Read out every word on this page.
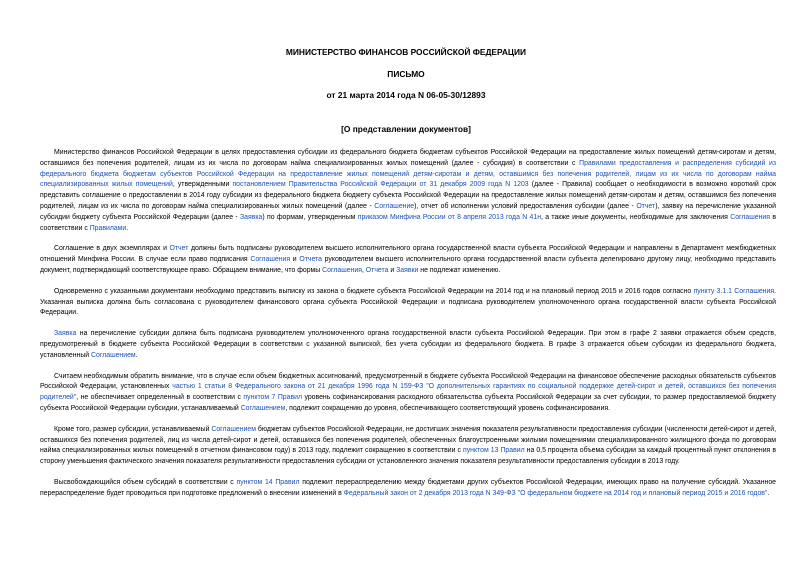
МИНИСТЕРСТВО ФИНАНСОВ РОССИЙСКОЙ ФЕДЕРАЦИИ
ПИСЬМО
от 21 марта 2014 года N 06-05-30/12893
[О представлении документов]

Министерство финансов Российской Федерации в целях предоставления субсидии из федерального бюджета бюджетам субъектов Российской Федерации на предоставление жилых помещений детям-сиротам и детям, оставшимся без попечения родителей, лицам из их числа по договорам найма специализированных жилых помещений (далее - субсидия) в соответствии с Правилами предоставления и распределения субсидий из федерального бюджета бюджетам субъектов Российской Федерации на предоставление жилых помещений детям-сиротам и детям, оставшимся без попечения родителей, лицам из их числа по договорам найма специализированных жилых помещений, утвержденными постановлением Правительства Российской Федерации от 31 декабря 2009 года N 1203 (далее - Правила) сообщает о необходимости в возможно короткий срок представить соглашение о предоставлении в 2014 году субсидии из федерального бюджета бюджету субъекта Российской Федерации на предоставление жилых помещений детям-сиротам и детям, оставшимся без попечения родителей, лицам из их числа по договорам найма специализированных жилых помещений (далее - Соглашение), отчет об исполнении условий предоставления субсидии (далее - Отчет), заявку на перечисление указанной субсидии бюджету субъекта Российской Федерации (далее - Заявка) по формам, утвержденным приказом Минфина России от 8 апреля 2013 года N 41н, а также иные документы, необходимые для заключения Соглашения в соответствии с Правилами.

Соглашение в двух экземплярах и Отчет должны быть подписаны руководителем высшего исполнительного органа государственной власти субъекта Российской Федерации и направлены в Департамент межбюджетных отношений Минфина России. В случае если право подписания Соглашения и Отчета руководителем высшего исполнительного органа государственной власти субъекта делегировано другому лицу, необходимо представить документ, подтверждающий соответствующее право. Обращаем внимание, что формы Соглашения, Отчета и Заявки не подлежат изменению.

Одновременно с указанными документами необходимо представить выписку из закона о бюджете субъекта Российской Федерации на 2014 год и на плановый период 2015 и 2016 годов согласно пункту 3.1.1 Соглашения. Указанная выписка должна быть согласована с руководителем финансового органа субъекта Российской Федерации и подписана руководителем уполномоченного органа государственной власти субъекта Российской Федерации.

Заявка на перечисление субсидии должна быть подписана руководителем уполномоченного органа государственной власти субъекта Российской Федерации. При этом в графе 2 заявки отражается объем средств, предусмотренный в бюджете субъекта Российской Федерации в соответствии с указанной выпиской, без учета субсидии из федерального бюджета. В графе 3 отражается объем субсидии из федерального бюджета, установленный Соглашением.

Считаем необходимым обратить внимание, что в случае если объем бюджетных ассигнований, предусмотренный в бюджете субъекта Российской Федерации на финансовое обеспечение расходных обязательств субъектов Российской Федерации, установленных частью 1 статьи 8 Федерального закона от 21 декабря 1996 года N 159-ФЗ "О дополнительных гарантиях по социальной поддержке детей-сирот и детей, оставшихся без попечения родителей", не обеспечивает определенный в соответствии с пунктом 7 Правил уровень софинансирования расходного обязательства субъекта Российской Федерации за счет субсидии, то размер предоставляемой бюджету субъекта Российской Федерации субсидии, устанавливаемый Соглашением, подлежит сокращению до уровня, обеспечивающего соответствующий уровень софинансирования.

Кроме того, размер субсидии, устанавливаемый Соглашением бюджетам субъектов Российской Федерации, не достигших значения показателя результативности предоставления субсидии (численности детей-сирот и детей, оставшихся без попечения родителей, лиц из числа детей-сирот и детей, оставшихся без попечения родителей, обеспеченных благоустроенными жилыми помещениями специализированного жилищного фонда по договорам найма специализированных жилых помещений в отчетном финансовом году) в 2013 году, подлежит сокращению в соответствии с пунктом 13 Правил на 0,5 процента объема субсидии за каждый процентный пункт отклонения в сторону уменьшения фактического значения показателя результативности предоставления субсидии от установленного значения показателя результативности предоставления субсидии в 2013 году.

Высвобождающийся объем субсидий в соответствии с пунктом 14 Правил подлежит перераспределению между бюджетами других субъектов Российской Федерации, имеющих право на получение субсидий. Указанное перераспределение будет проводиться при подготовке предложений о внесении изменений в Федеральный закон от 2 декабря 2013 года N 349-ФЗ "О федеральном бюджете на 2014 год и плановый период 2015 и 2016 годов".
